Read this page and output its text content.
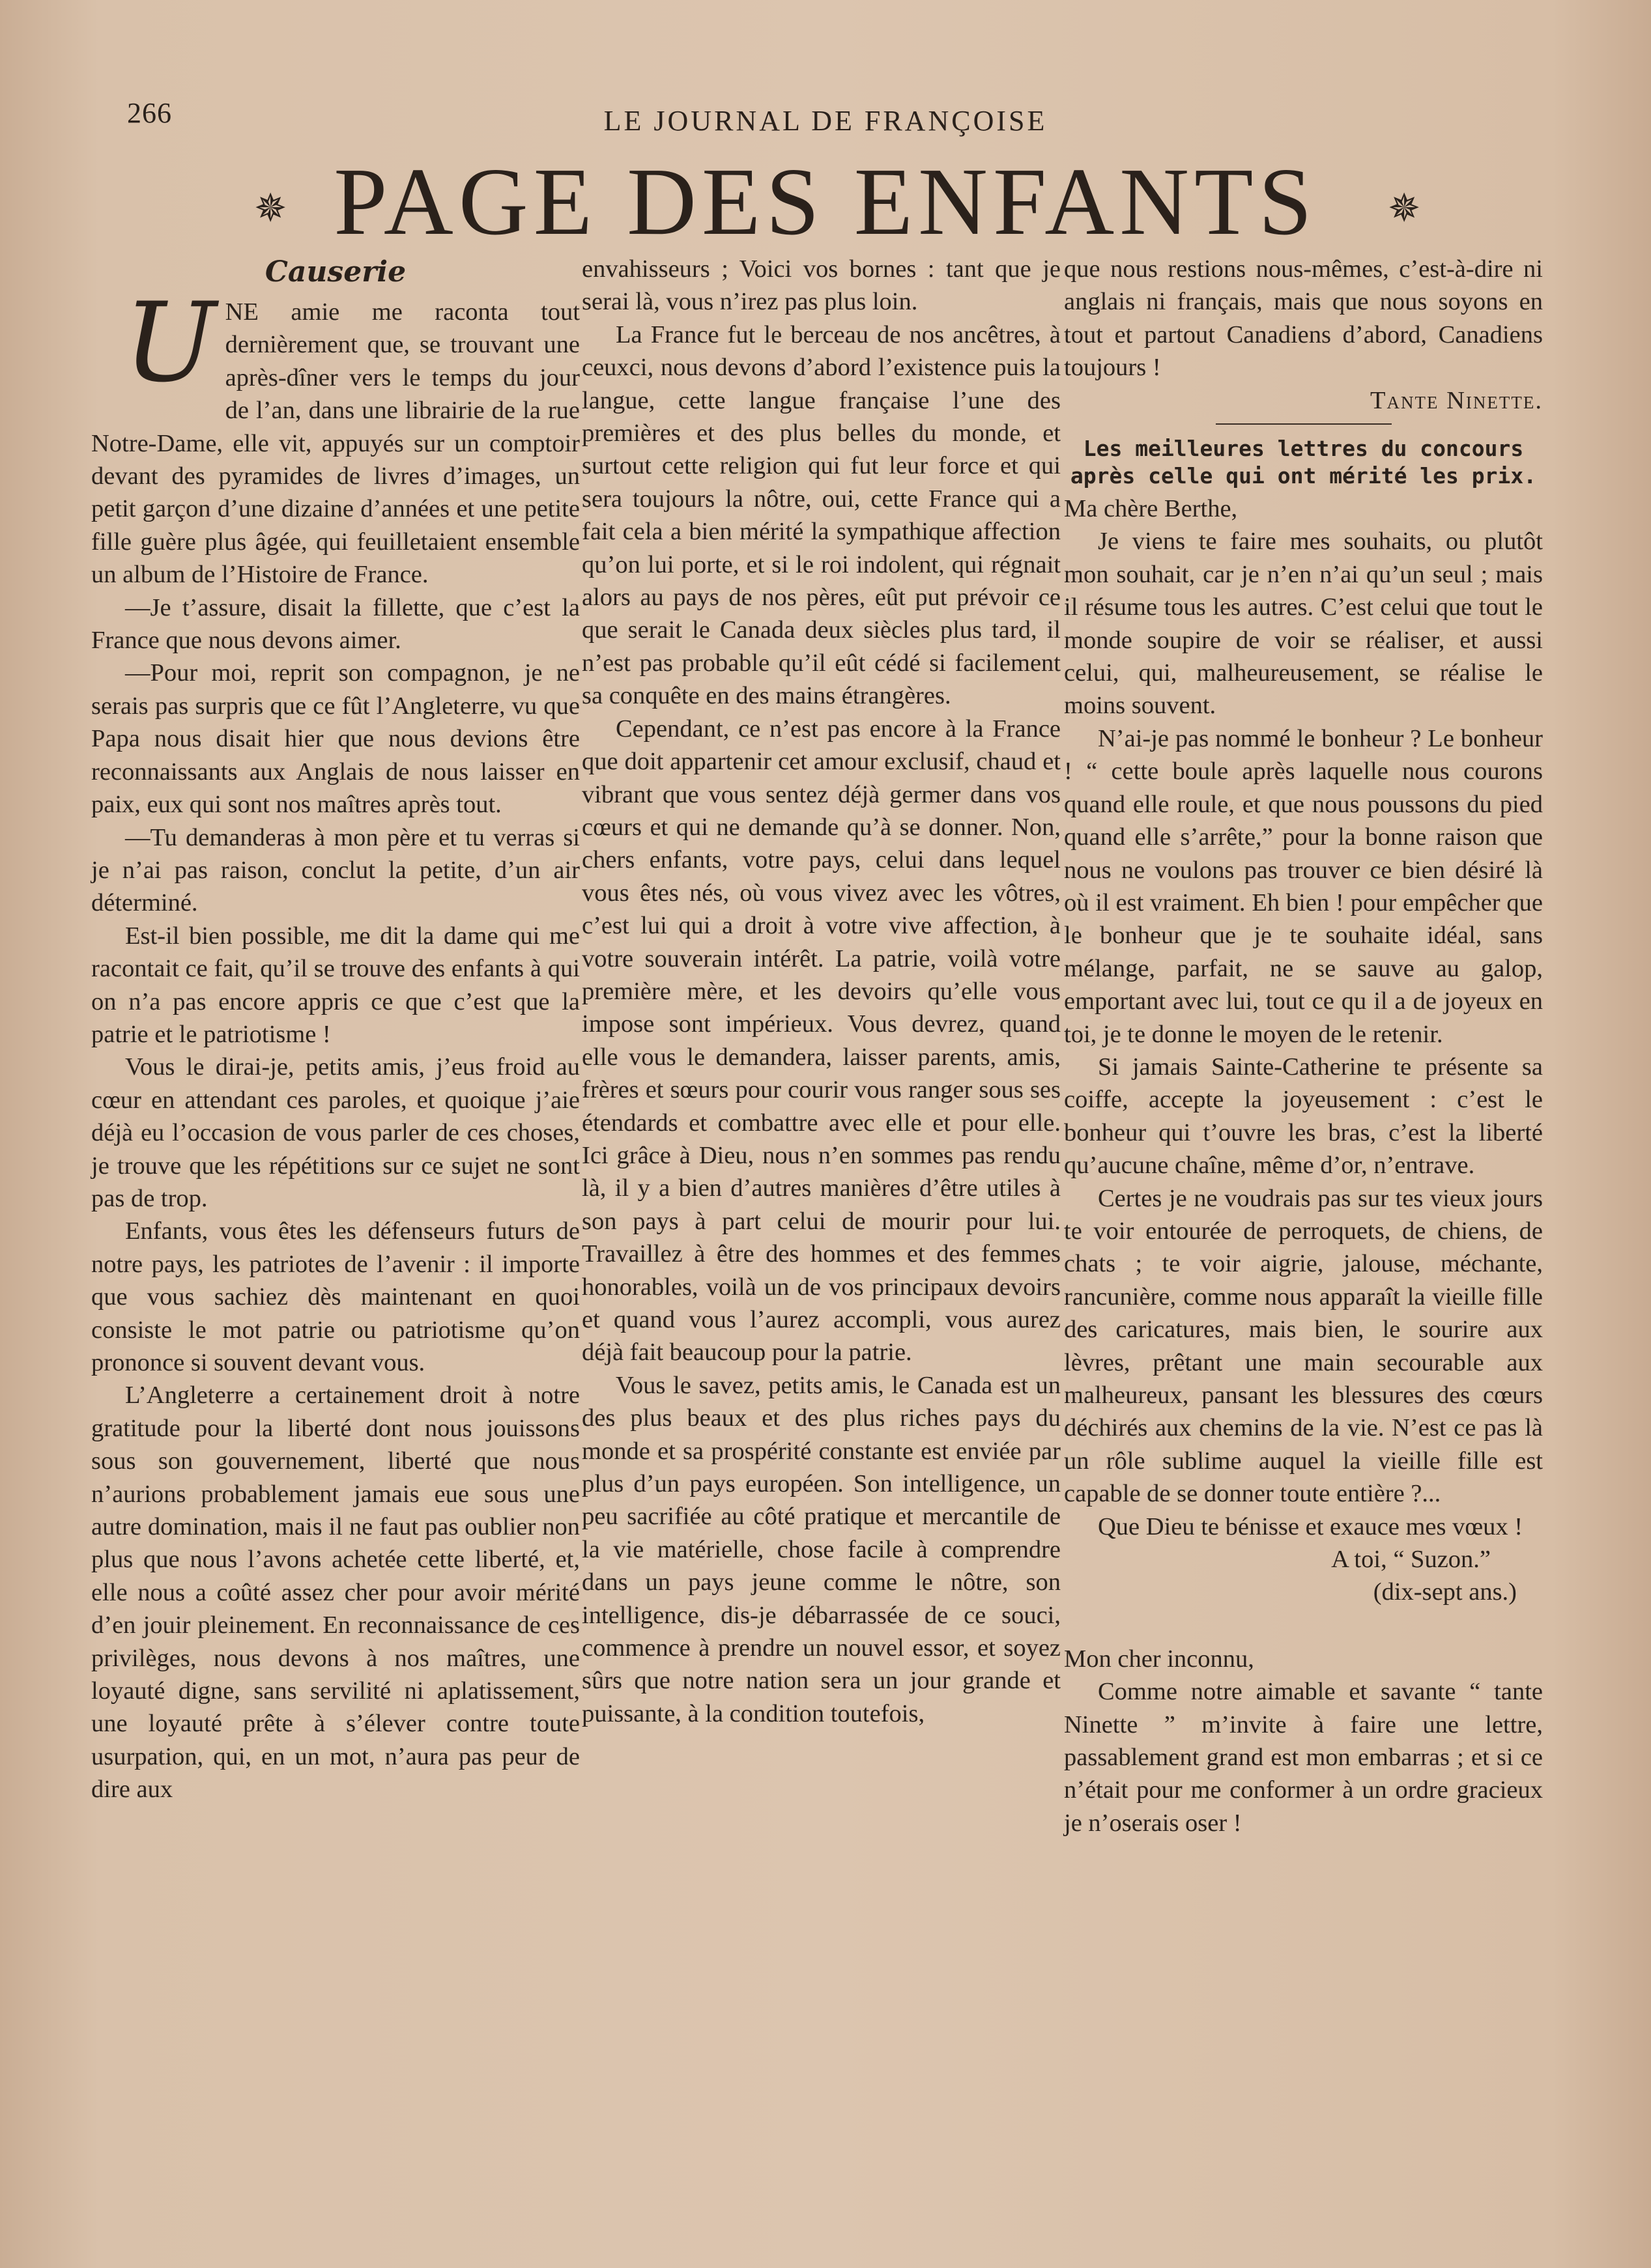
266	LE JOURNAL DE FRANÇOISE
✵ PAGE DES ENFANTS	✵
Causerie
U NE amie me raconta tout dernièrement que, se trouvant une après-dîner vers le temps du jour de l’an, dans une librairie de la rue Notre-Dame, elle vit, appuyés sur un comptoir devant des pyramides de livres d’images, un petit garçon d’une dizaine d’années et une petite fille guère plus âgée, qui feuilletaient ensemble un album de l’Histoire de France.

—Je t’assure, disait la fillette, que c’est la France que nous devons aimer.

—Pour moi, reprit son compagnon, je ne serais pas surpris que ce fût l’Angleterre, vu que Papa nous disait hier que nous devions être reconnaissants aux Anglais de nous laisser en paix, eux qui sont nos maîtres après tout.

—Tu demanderas à mon père et tu verras si je n’ai pas raison, conclut la petite, d’un air déterminé.

Est-il bien possible, me dit la dame qui me racontait ce fait, qu’il se trouve des enfants à qui on n’a pas encore appris ce que c’est que la patrie et le patriotisme !

Vous le dirai-je, petits amis, j’eus froid au cœur en attendant ces paroles, et quoique j’aie déjà eu l’occasion de vous parler de ces choses, je trouve que les répétitions sur ce sujet ne sont pas de trop.

Enfants, vous êtes les défenseurs futurs de notre pays, les patriotes de l’avenir : il importe que vous sachiez dès maintenant en quoi consiste le mot patrie ou patriotisme qu’on prononce si souvent devant vous.

L’Angleterre a certainement droit à notre gratitude pour la liberté dont nous jouissons sous son gouvernement, liberté que nous n’aurions probablement jamais eue sous une autre domination, mais il ne faut pas oublier non plus que nous l’avons achetée cette liberté, et, elle nous a coûté assez cher pour avoir mérité d’en jouir pleinement. En reconnaissance de ces privilèges, nous devons à nos maîtres, une loyauté digne, sans servilité ni aplatissement, une loyauté prête à s’élever contre toute usurpation, qui, en un mot, n’aura pas peur de dire aux

envahisseurs ; Voici vos bornes : tant que je serai là, vous n’irez pas plus loin.

La France fut le berceau de nos ancêtres, à ceuxci, nous devons d’abord l’existence puis la langue, cette langue française l’une des premières et des plus belles du monde, et surtout cette religion qui fut leur force et qui sera toujours la nôtre, oui, cette France qui a fait cela a bien mérité la sympathique affection qu’on lui porte, et si le roi indolent, qui régnait alors au pays de nos pères, eût put prévoir ce que serait le Canada deux siècles plus tard, il n’est pas probable qu’il eût cédé si facilement sa conquête en des mains étrangères.

Cependant, ce n’est pas encore à la France que doit appartenir cet amour exclusif, chaud et vibrant que vous sentez déjà germer dans vos cœurs et qui ne demande qu’à se donner. Non, chers enfants, votre pays, celui dans lequel vous êtes nés, où vous vivez avec les vôtres, c’est lui qui a droit à votre vive affection, à votre souverain intérêt. La patrie, voilà votre première mère, et les devoirs qu’elle vous impose sont impérieux. Vous devrez, quand elle vous le demandera, laisser parents, amis, frères et sœurs pour courir vous ranger sous ses étendards et combattre avec elle et pour elle. Ici grâce à Dieu, nous n’en sommes pas rendu là, il y a bien d’autres manières d’être utiles à son pays à part celui de mourir pour lui. Travaillez à être des hommes et des femmes honorables, voilà un de vos principaux devoirs et quand vous l’aurez accompli, vous aurez déjà fait beaucoup pour la patrie.

Vous le savez, petits amis, le Canada est un des plus beaux et des plus riches pays du monde et sa prospérité constante est enviée par plus d’un pays européen. Son intelligence, un peu sacrifiée au côté pratique et mercantile de la vie matérielle, chose facile à comprendre dans un pays jeune comme le nôtre, son intelligence, dis-je débarrassée de ce souci, commence à prendre un nouvel essor, et soyez sûrs que notre nation sera un jour grande et puissante, à la condition toutefois,

que nous restions nous-mêmes, c’est-à-dire ni anglais ni français, mais que nous soyons en tout et partout Canadiens d’abord, Canadiens toujours !

Tante Ninette.

Les meilleures lettres du concours après celle qui ont mérité les prix.

Ma chère Berthe,

Je viens te faire mes souhaits, ou plutôt mon souhait, car je n’en n’ai qu’un seul ; mais il résume tous les autres. C’est celui que tout le monde soupire de voir se réaliser, et aussi celui, qui, malheureusement, se réalise le moins souvent.

N’ai-je pas nommé le bonheur ? Le bonheur ! “ cette boule après laquelle nous courons quand elle roule, et que nous poussons du pied quand elle s’arrête,” pour la bonne raison que nous ne voulons pas trouver ce bien désiré là où il est vraiment. Eh bien ! pour empêcher que le bonheur que je te souhaite idéal, sans mélange, parfait, ne se sauve au galop, emportant avec lui, tout ce qu il a de joyeux en toi, je te donne le moyen de le retenir.

Si jamais Sainte-Catherine te présente sa coiffe, accepte la joyeusement : c’est le bonheur qui t’ouvre les bras, c’est la liberté qu’aucune chaîne, même d’or, n’entrave.

Certes je ne voudrais pas sur tes vieux jours te voir entourée de perroquets, de chiens, de chats ; te voir aigrie, jalouse, méchante, rancunière, comme nous apparaît la vieille fille des caricatures, mais bien, le sourire aux lèvres, prêtant une main secourable aux malheureux, pansant les blessures des cœurs déchirés aux chemins de la vie. N’est ce pas là un rôle sublime auquel la vieille fille est capable de se donner toute entière ?...

Que Dieu te bénisse et exauce mes vœux !

A toi, “ Suzon.”

(dix-sept ans.)

Mon cher inconnu,

Comme notre aimable et savante “ tante Ninette ” m’invite à faire une lettre, passablement grand est mon embarras ; et si ce n’était pour me conformer à un ordre gracieux je n’oserais oser !
